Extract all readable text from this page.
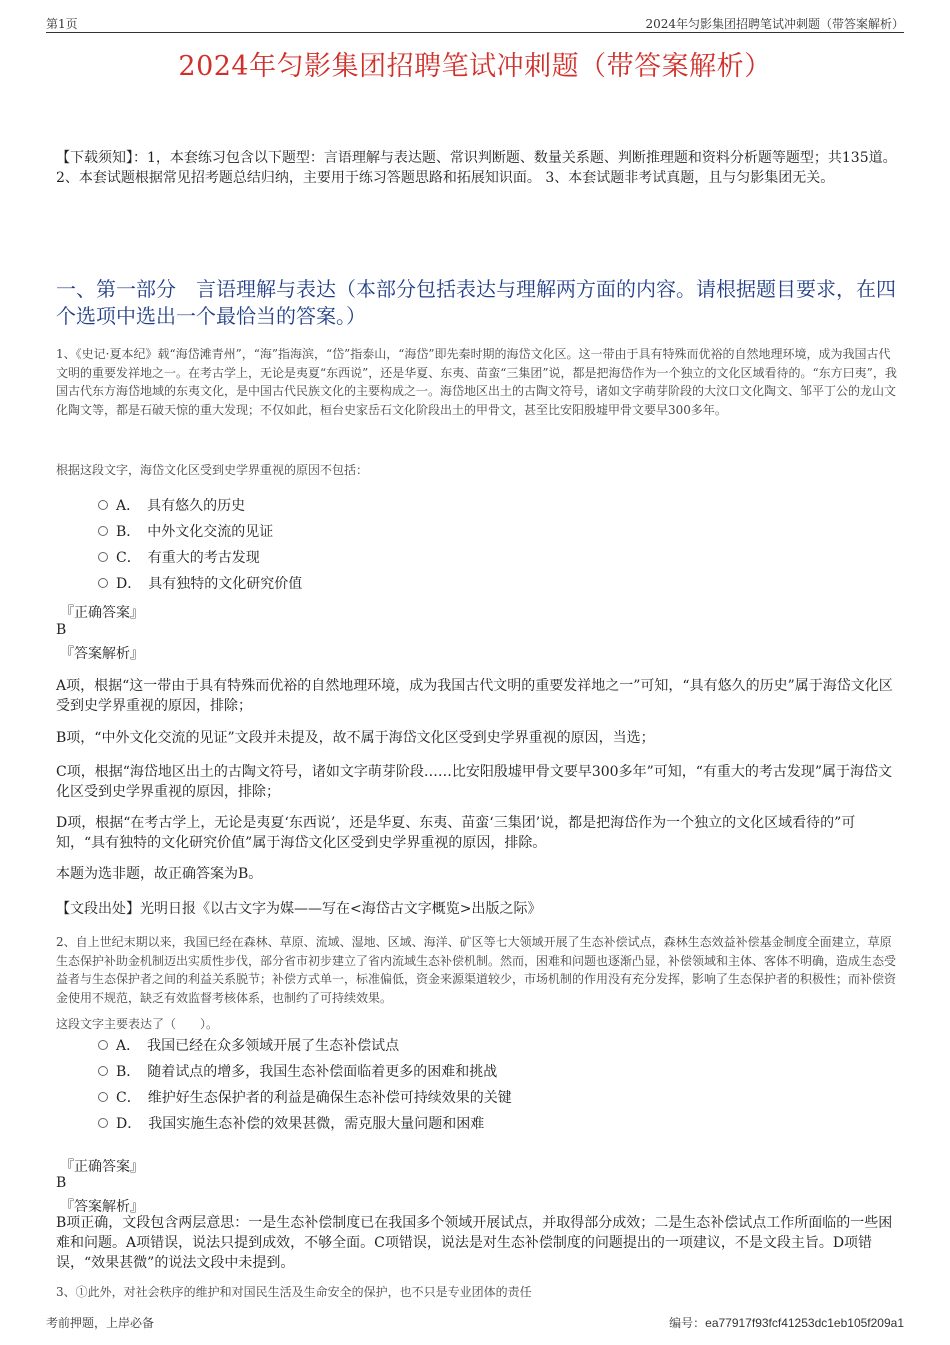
第1页	2024年匀影集团招聘笔试冲刺题（带答案解析）
2024年匀影集团招聘笔试冲刺题（带答案解析）
【下载须知】：1，本套练习包含以下题型：言语理解与表达题、常识判断题、数量关系题、判断推理题和资料分析题等题型；共135道。 2、本套试题根据常见招考题总结归纳，主要用于练习答题思路和拓展知识面。 3、本套试题非考试真题，且与匀影集团无关。
一、第一部分　言语理解与表达（本部分包括表达与理解两方面的内容。请根据题目要求，在四个选项中选出一个最恰当的答案。）
1、《史记·夏本纪》载“海岱滩青州”，“海”指海滨，“岱”指泰山，“海岱”即先秦时期的海岱文化区。这一带由于具有特殊而优裕的自然地理环境，成为我国古代文明的重要发祥地之一。在考古学上，无论是夷夏“东西说”，还是华夏、东夷、苗蛮“三集团”说，都是把海岱作为一个独立的文化区域看待的。“东方曰夷”，我国古代东方海岱地域的东夷文化，是中国古代民族文化的主要构成之一。海岱地区出土的古陶文符号，诸如文字萌芽阶段的大汶口文化陶文、邹平丁公的龙山文化陶文等，都是石破天惊的重大发现；不仅如此，桓台史家岳石文化阶段出土的甲骨文，甚至比安阳殷墟甲骨文要早300多年。
根据这段文字，海岱文化区受到史学界重视的原因不包括：
A．　具有悠久的历史
B．　中外文化交流的见证
C．　有重大的考古发现
D．　具有独特的文化研究价值
『正确答案』
B
『答案解析』
A项，根据“这一带由于具有特殊而优裕的自然地理环境，成为我国古代文明的重要发祥地之一”可知，“具有悠久的历史”属于海岱文化区受到史学界重视的原因，排除；
B项，“中外文化交流的见证”文段并未提及，故不属于海岱文化区受到史学界重视的原因，当选；
C项，根据“海岱地区出土的古陶文符号，诸如文字萌芽阶段……比安阳殷墟甲骨文要早300多年”可知，“有重大的考古发现”属于海岱文化区受到史学界重视的原因，排除；
D项，根据“在考古学上，无论是夷夏‘东西说’，还是华夏、东夷、苗蛮‘三集团’说，都是把海岱作为一个独立的文化区域看待的”可知，“具有独特的文化研究价值”属于海岱文化区受到史学界重视的原因，排除。
本题为选非题，故正确答案为B。
【文段出处】光明日报《以古文字为媒——写在<海岱古文字概览>出版之际》
2、自上世纪末期以来，我国已经在森林、草原、流域、湿地、区域、海洋、矿区等七大领域开展了生态补偿试点，森林生态效益补偿基金制度全面建立，草原生态保护补助金机制迈出实质性步伐，部分省市初步建立了省内流域生态补偿机制。然而，困难和问题也逐渐凸显，补偿领域和主体、客体不明确，造成生态受益者与生态保护者之间的利益关系脱节；补偿方式单一，标准偏低，资金来源渠道较少，市场机制的作用没有充分发挥，影响了生态保护者的积极性；而补偿资金使用不规范，缺乏有效监督考核体系，也制约了可持续效果。
这段文字主要表达了（　　）。
A．　我国已经在众多领域开展了生态补偿试点
B．　随着试点的增多，我国生态补偿面临着更多的困难和挑战
C．　维护好生态保护者的利益是确保生态补偿可持续效果的关键
D．　我国实施生态补偿的效果甚微，需克服大量问题和困难
『正确答案』
B
『答案解析』
B项正确，文段包含两层意思：一是生态补偿制度已在我国多个领域开展试点，并取得部分成效；二是生态补偿试点工作所面临的一些困难和问题。A项错误，说法只提到成效，不够全面。C项错误，说法是对生态补偿制度的问题提出的一项建议，不是文段主旨。D项错误，“效果甚微”的说法文段中未提到。
3、①此外，对社会秩序的维护和对国民生活及生命安全的保护，也不只是专业团体的责任
考前押题，上岸必备	编号：ea77917f93fcf41253dc1eb105f209a1
